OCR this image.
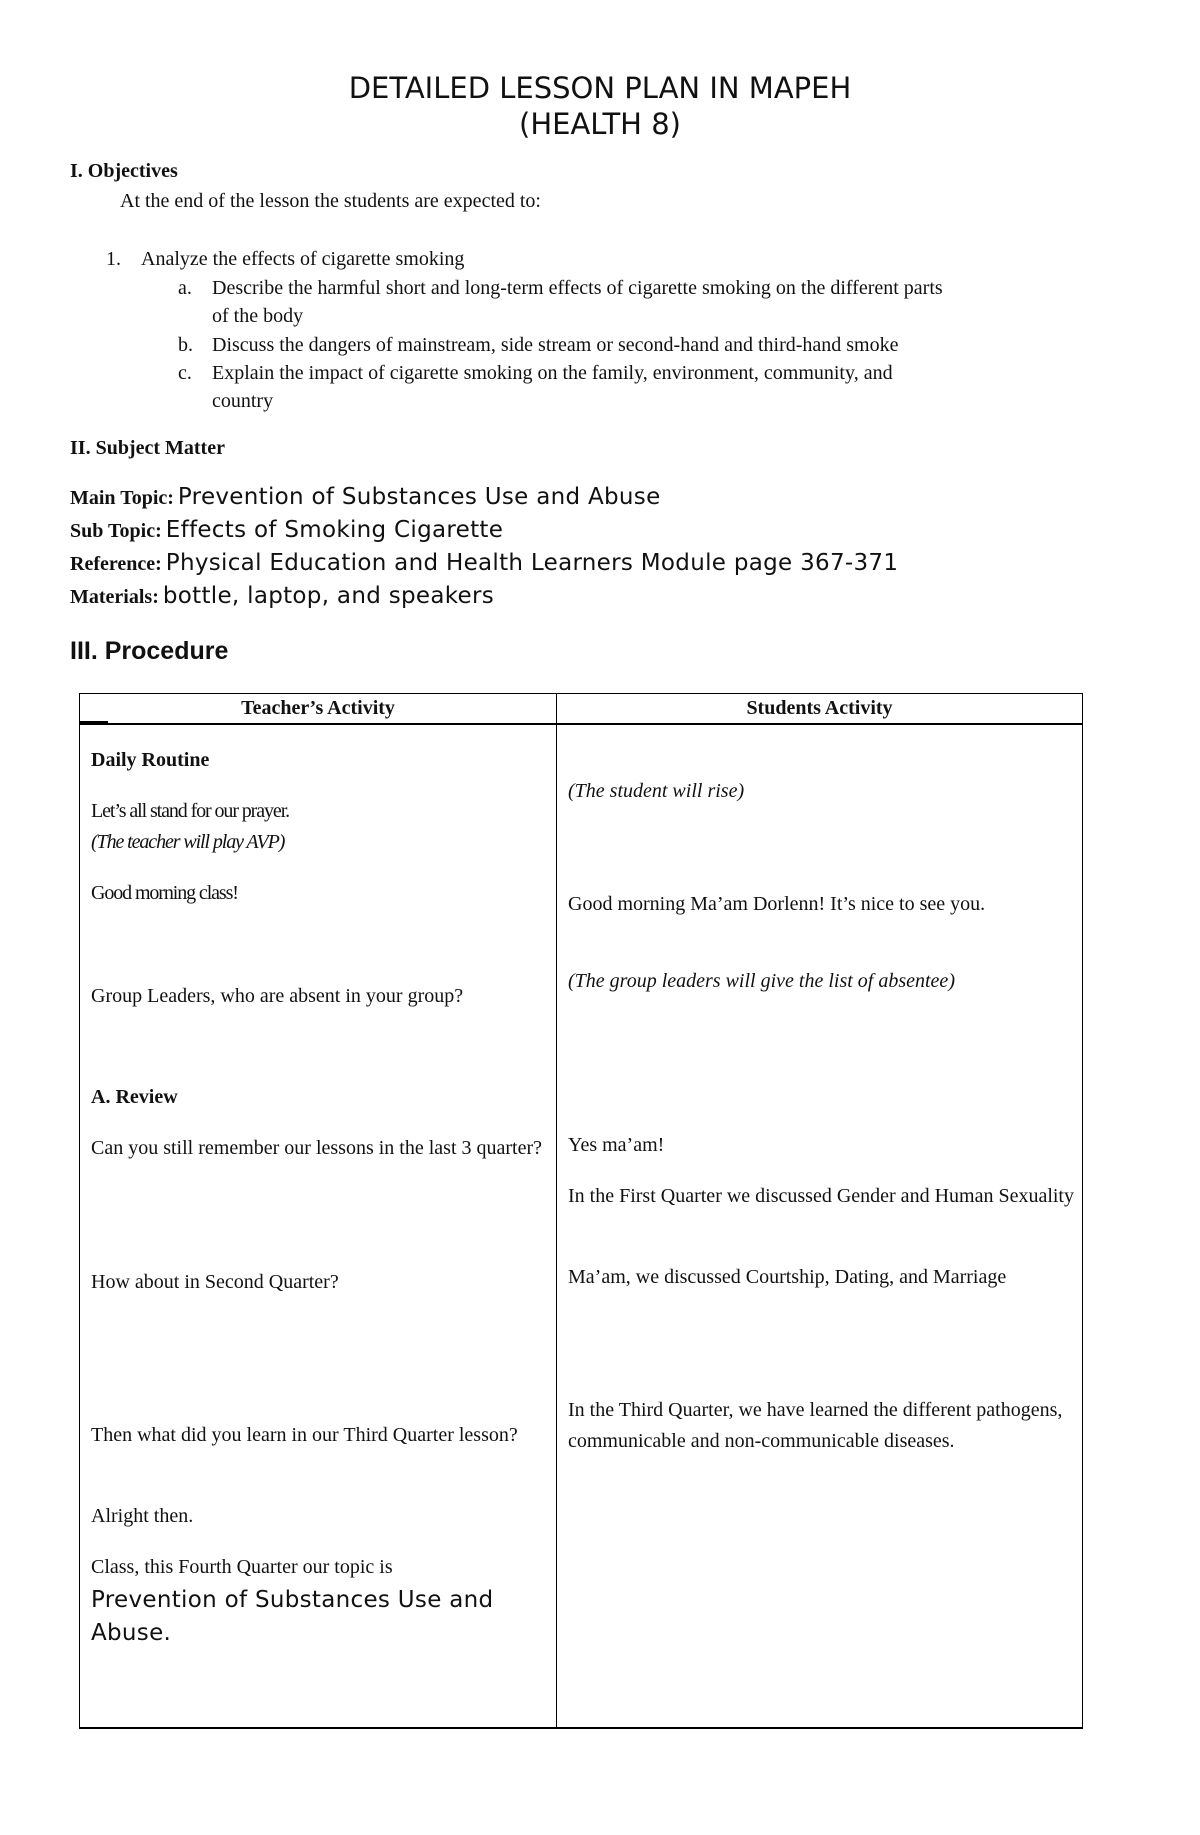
DETAILED LESSON PLAN IN MAPEH
(HEALTH 8)
I. Objectives
At the end of the lesson the students are expected to:
1. Analyze the effects of cigarette smoking
a. Describe the harmful short and long-term effects of cigarette smoking on the different parts
of the body
b. Discuss the dangers of mainstream, side stream or second-hand and third-hand smoke
c. Explain the impact of cigarette smoking on the family, environment, community, and
country
II. Subject Matter
Main Topic: Prevention of Substances Use and Abuse
Sub Topic: Effects of Smoking Cigarette
Reference: Physical Education and Health Learners Module page 367-371
Materials: bottle, laptop, and speakers
III. Procedure
Teacher’s Activity	Students Activity
Daily Routine
Let’s all stand for our prayer.
(The teacher will play AVP)
Good morning class!
Group Leaders, who are absent in your group?
A. Review
Can you still remember our lessons in the last 3 quarter?
How about in Second Quarter?
Then what did you learn in our Third Quarter lesson?
Alright then.
Class, this Fourth Quarter our topic is
Prevention of Substances Use and Abuse.
(The student will rise)
Good morning Ma’am Dorlenn! It’s nice to see you.
(The group leaders will give the list of absentee)
Yes ma’am!
In the First Quarter we discussed Gender and Human Sexuality
Ma’am, we discussed Courtship, Dating, and Marriage
In the Third Quarter, we have learned the different pathogens, communicable and non-communicable diseases.
